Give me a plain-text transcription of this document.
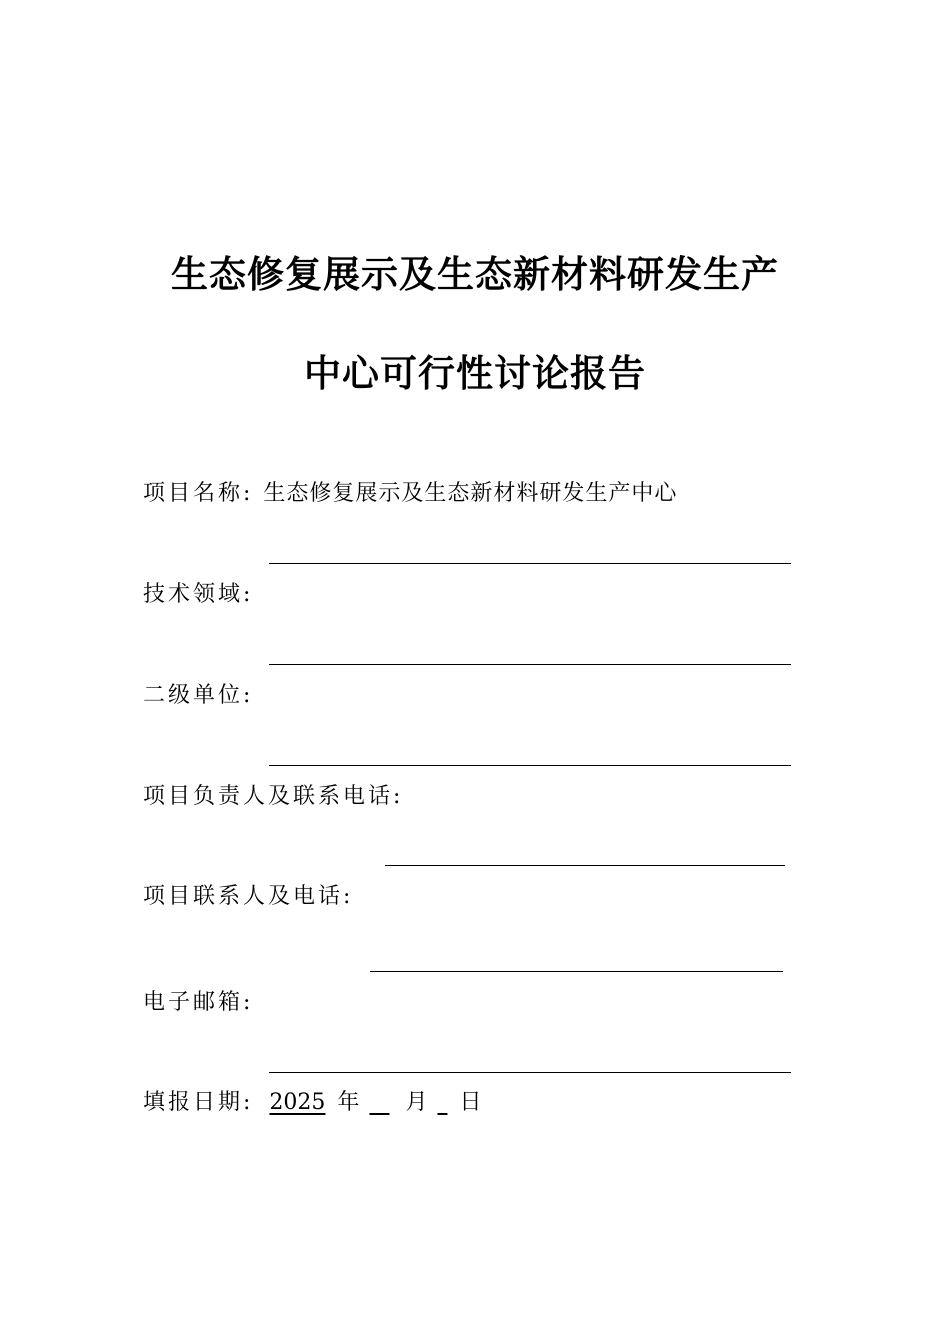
生态修复展示及生态新材料研发生产
中心可行性讨论报告
项目名称: 生态修复展示及生态新材料研发生产中心
技术领域:
二级单位:
项目负责人及联系电话:
项目联系人及电话:
电子邮箱:
填报日期: 2025 年 月 日
